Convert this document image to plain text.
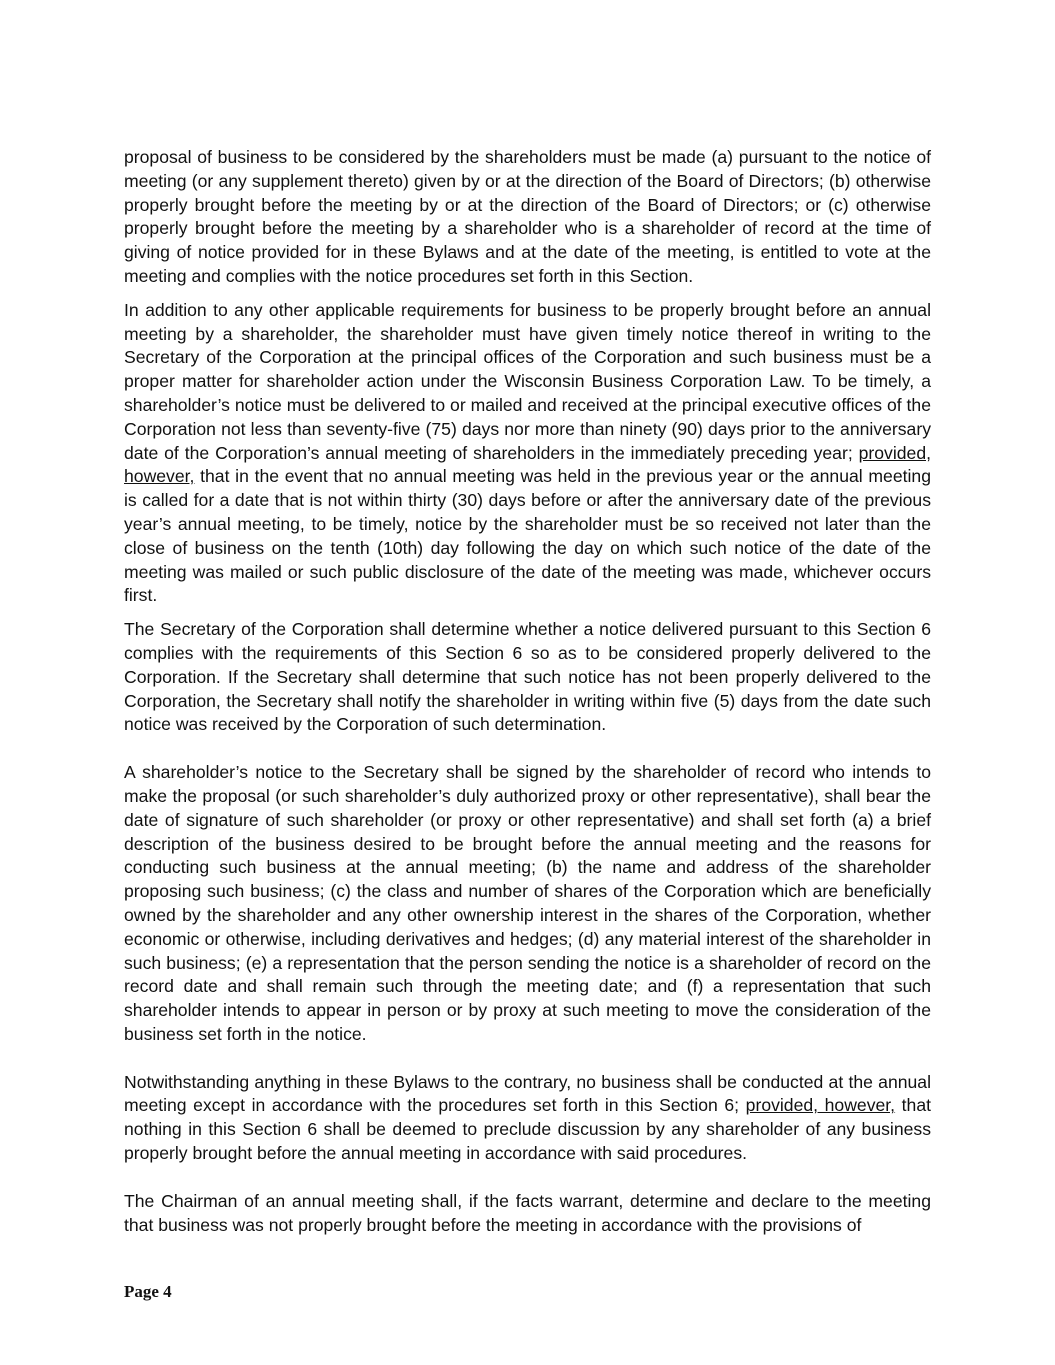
proposal of business to be considered by the shareholders must be made (a) pursuant to the notice of meeting (or any supplement thereto) given by or at the direction of the Board of Directors; (b) otherwise properly brought before the meeting by or at the direction of the Board of Directors; or (c) otherwise properly brought before the meeting by a shareholder who is a shareholder of record at the time of giving of notice provided for in these Bylaws and at the date of the meeting, is entitled to vote at the meeting and complies with the notice procedures set forth in this Section.

In addition to any other applicable requirements for business to be properly brought before an annual meeting by a shareholder, the shareholder must have given timely notice thereof in writing to the Secretary of the Corporation at the principal offices of the Corporation and such business must be a proper matter for shareholder action under the Wisconsin Business Corporation Law. To be timely, a shareholder’s notice must be delivered to or mailed and received at the principal executive offices of the Corporation not less than seventy-five (75) days nor more than ninety (90) days prior to the anniversary date of the Corporation’s annual meeting of shareholders in the immediately preceding year; provided, however, that in the event that no annual meeting was held in the previous year or the annual meeting is called for a date that is not within thirty (30) days before or after the anniversary date of the previous year’s annual meeting, to be timely, notice by the shareholder must be so received not later than the close of business on the tenth (10th) day following the day on which such notice of the date of the meeting was mailed or such public disclosure of the date of the meeting was made, whichever occurs first.

The Secretary of the Corporation shall determine whether a notice delivered pursuant to this Section 6 complies with the requirements of this Section 6 so as to be considered properly delivered to the Corporation. If the Secretary shall determine that such notice has not been properly delivered to the Corporation, the Secretary shall notify the shareholder in writing within five (5) days from the date such notice was received by the Corporation of such determination.

A shareholder’s notice to the Secretary shall be signed by the shareholder of record who intends to make the proposal (or such shareholder’s duly authorized proxy or other representative), shall bear the date of signature of such shareholder (or proxy or other representative) and shall set forth (a) a brief description of the business desired to be brought before the annual meeting and the reasons for conducting such business at the annual meeting; (b) the name and address of the shareholder proposing such business; (c) the class and number of shares of the Corporation which are beneficially owned by the shareholder and any other ownership interest in the shares of the Corporation, whether economic or otherwise, including derivatives and hedges; (d) any material interest of the shareholder in such business; (e) a representation that the person sending the notice is a shareholder of record on the record date and shall remain such through the meeting date; and (f) a representation that such shareholder intends to appear in person or by proxy at such meeting to move the consideration of the business set forth in the notice.

Notwithstanding anything in these Bylaws to the contrary, no business shall be conducted at the annual meeting except in accordance with the procedures set forth in this Section 6; provided, however, that nothing in this Section 6 shall be deemed to preclude discussion by any shareholder of any business properly brought before the annual meeting in accordance with said procedures.

The Chairman of an annual meeting shall, if the facts warrant, determine and declare to the meeting that business was not properly brought before the meeting in accordance with the provisions of

Page 4
